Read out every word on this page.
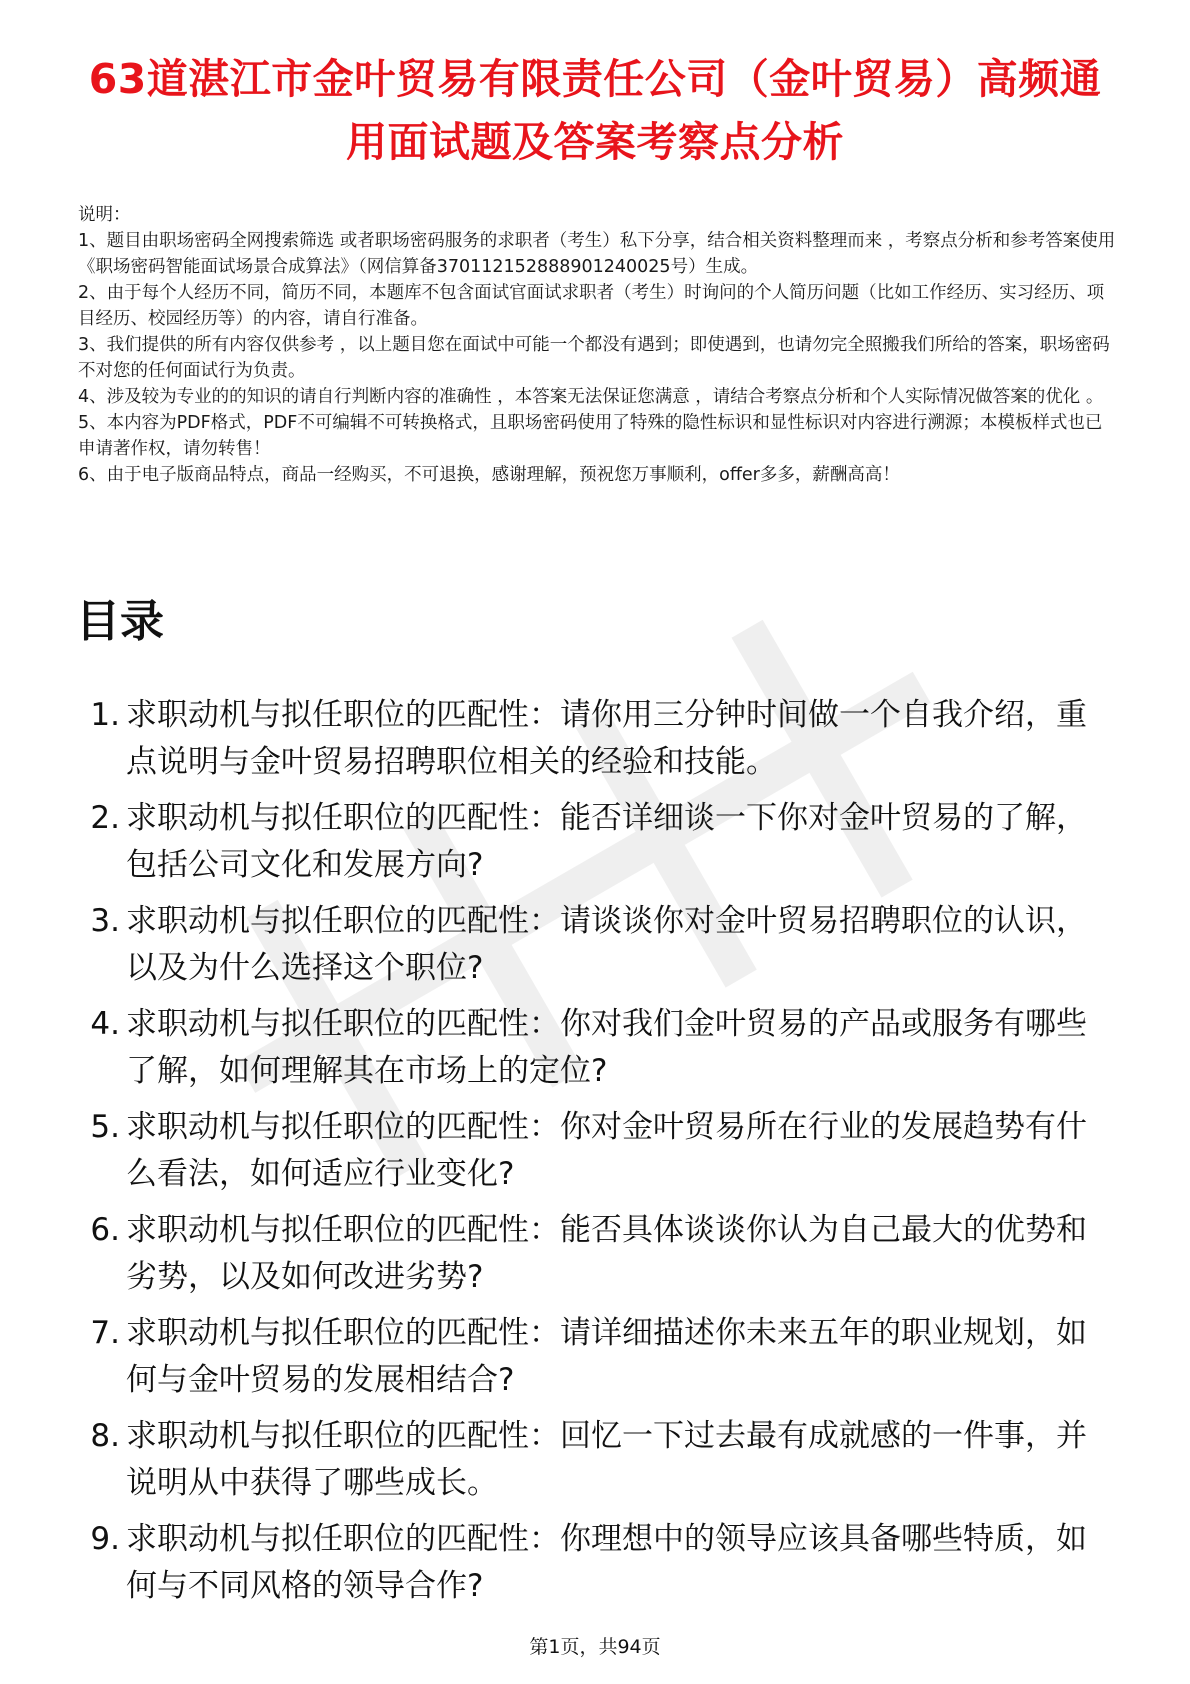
63道湛江市金叶贸易有限责任公司（金叶贸易）高频通用面试题及答案考察点分析

说明：

1、题目由职场密码全网搜索筛选 或者职场密码服务的求职者（考生）私下分享，结合相关资料整理而来 ，考察点分析和参考答案使用《职场密码智能面试场景合成算法》（网信算备370112152888901240025号）生成。

2、由于每个人经历不同，简历不同，本题库不包含面试官面试求职者（考生）时询问的个人简历问题（比如工作经历、实习经历、项目经历、校园经历等）的内容，请自行准备。

3、我们提供的所有内容仅供参考 ，以上题目您在面试中可能一个都没有遇到；即使遇到，也请勿完全照搬我们所给的答案，职场密码不对您的任何面试行为负责。

4、涉及较为专业的的知识的请自行判断内容的准确性 ，本答案无法保证您满意 ，请结合考察点分析和个人实际情况做答案的优化 。

5、本内容为PDF格式，PDF不可编辑不可转换格式，且职场密码使用了特殊的隐性标识和显性标识对内容进行溯源；本模板样式也已申请著作权，请勿转售！

6、由于电子版商品特点，商品一经购买，不可退换，感谢理解，预祝您万事顺利，offer多多，薪酬高高！

目录
1. 求职动机与拟任职位的匹配性：请你用三分钟时间做一个自我介绍，重点说明与金叶贸易招聘职位相关的经验和技能。
2. 求职动机与拟任职位的匹配性：能否详细谈一下你对金叶贸易的了解，包括公司文化和发展方向?
3. 求职动机与拟任职位的匹配性：请谈谈你对金叶贸易招聘职位的认识，以及为什么选择这个职位?
4. 求职动机与拟任职位的匹配性：你对我们金叶贸易的产品或服务有哪些了解，如何理解其在市场上的定位?
5. 求职动机与拟任职位的匹配性：你对金叶贸易所在行业的发展趋势有什么看法，如何适应行业变化?
6. 求职动机与拟任职位的匹配性：能否具体谈谈你认为自己最大的优势和劣势，以及如何改进劣势?
7. 求职动机与拟任职位的匹配性：请详细描述你未来五年的职业规划，如何与金叶贸易的发展相结合?
8. 求职动机与拟任职位的匹配性：回忆一下过去最有成就感的一件事，并说明从中获得了哪些成长。
9. 求职动机与拟任职位的匹配性：你理想中的领导应该具备哪些特质，如何与不同风格的领导合作?
第1页，共94页
